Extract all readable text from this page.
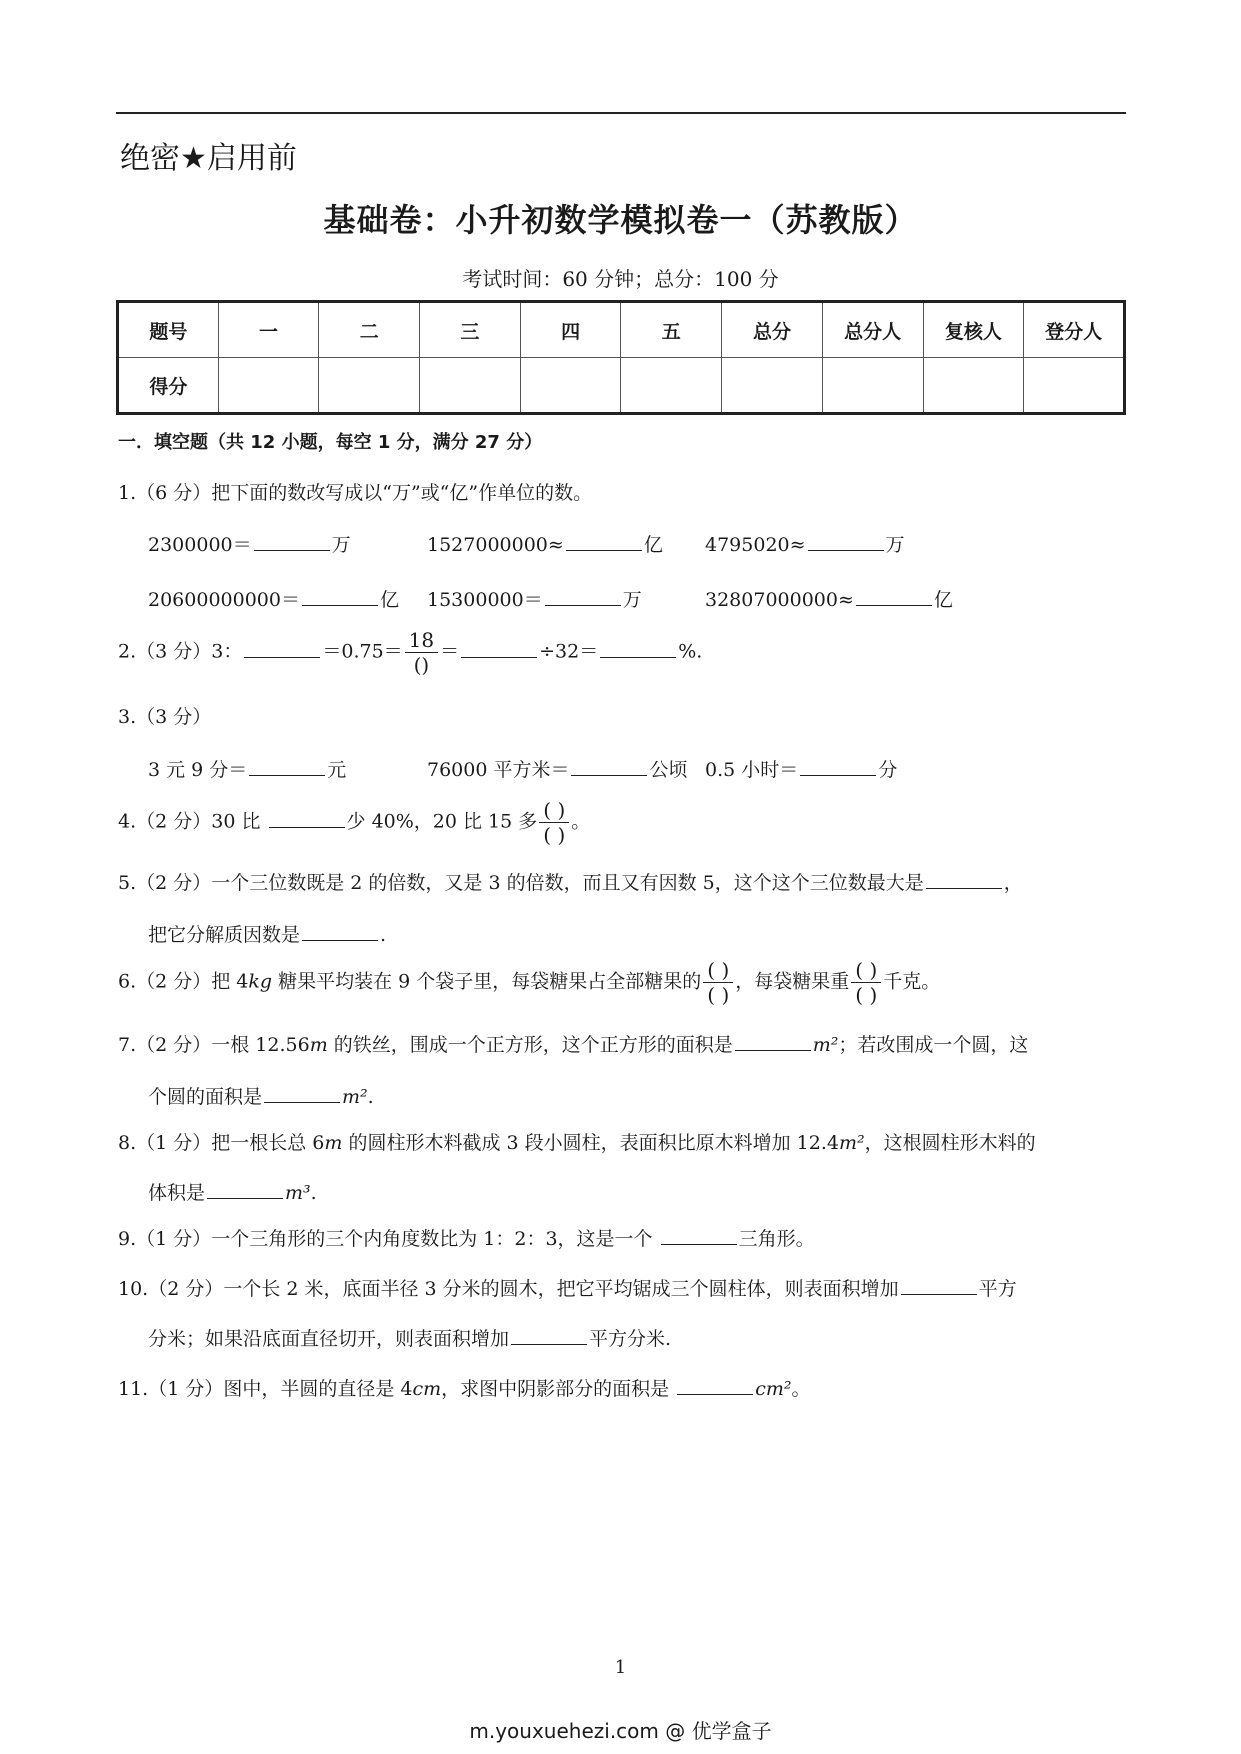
绝密★启用前
基础卷：小升初数学模拟卷一（苏教版）
考试时间：60 分钟；总分：100 分
题号	一	二	三	四	五	总分	总分人	复核人	登分人
得分									
一．填空题（共 12 小题，每空 1 分，满分 27 分）
1.（6 分）把下面的数改写成以“万”或“亿”作单位的数。
2300000＝	万	1527000000≈	亿 4795020≈	万
20600000000＝	亿 15300000＝	万	32807000000≈	亿
2.（3 分）3：	$=0.75= \frac{18}{()}$ ＝	÷32＝	%.
3.（3 分）
3 元 9 分＝	元	76000 平方米＝	公顷 0.5 小时＝	分
4.（2 分）30 比	少 40%，20 比 15 多 $\frac{( )}{( )}$ 。
5.（2 分）一个三位数既是 2 的倍数，又是 3 的倍数，而且又有因数 5，这个这个三位数最大是	，
把它分解质因数是	.
6.（2 分）把 4kg 糖果平均装在 9 个袋子里，每袋糖果占全部糖果的 $\frac{( )}{( )}$ ，每袋糖果重 $\frac{( )}{( )}$ 千克。
7.（2 分）一根 12.56m 的铁丝，围成一个正方形，这个正方形的面积是	m²；若改围成一个圆，这
个圆的面积是	m².
8.（1 分）把一根长总 6m 的圆柱形木料截成 3 段小圆柱，表面积比原木料增加 12.4m²，这根圆柱形木料的
体积是	m³.
9.（1 分）一个三角形的三个内角度数比为 1：2：3，这是一个	三角形。
10.（2 分）一个长 2 米，底面半径 3 分米的圆木，把它平均锯成三个圆柱体，则表面积增加	平方
分米；如果沿底面直径切开，则表面积增加	平方分米.
11.（1 分）图中，半圆的直径是 4cm，求图中阴影部分的面积是	cm²。
1
m.youxuehezi.com @ 优学盒子
